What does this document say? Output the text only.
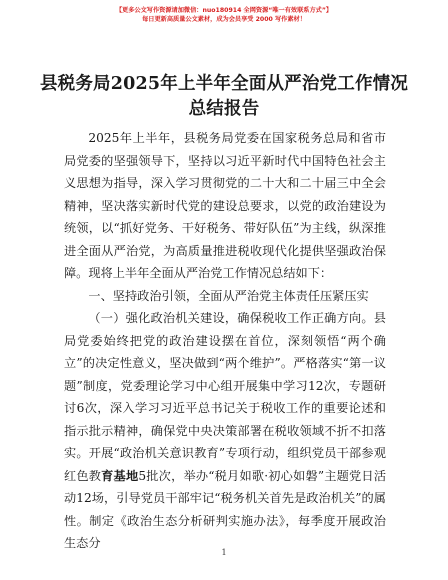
【更多公文写作资源请加微信：nuo180914 全网资源“唯一有效联系方式”】
每日更新高质量公文素材，成为会员享受 2000 写作素材！
县税务局2025年上半年全面从严治党工作情况
总结报告

2025年上半年，县税务局党委在国家税务总局和省市局党委的坚强领导下，坚持以习近平新时代中国特色社会主义思想为指导，深入学习贯彻党的二十大和二十届三中全会精神，坚决落实新时代党的建设总要求，以党的政治建设为统领，以“抓好党务、干好税务、带好队伍”为主线，纵深推进全面从严治党，为高质量推进税收现代化提供坚强政治保障。现将上半年全面从严治党工作情况总结如下：

一、坚持政治引领，全面从严治党主体责任压紧压实

（一）强化政治机关建设，确保税收工作正确方向。县局党委始终把党的政治建设摆在首位，深刻领悟“两个确立”的决定性意义，坚决做到“两个维护”。严格落实“第一议题”制度，党委理论学习中心组开展集中学习12次，专题研讨6次，深入学习习近平总书记关于税收工作的重要论述和指示批示精神，确保党中央决策部署在税收领域不折不扣落实。开展“政治机关意识教育”专项行动，组织党员干部参观红色教育基地5批次，举办“税月如歌·初心如磐”主题党日活动12场，引导党员干部牢记“税务机关首先是政治机关”的属性。制定《政治生态分析研判实施办法》，每季度开展政治生态分

1
